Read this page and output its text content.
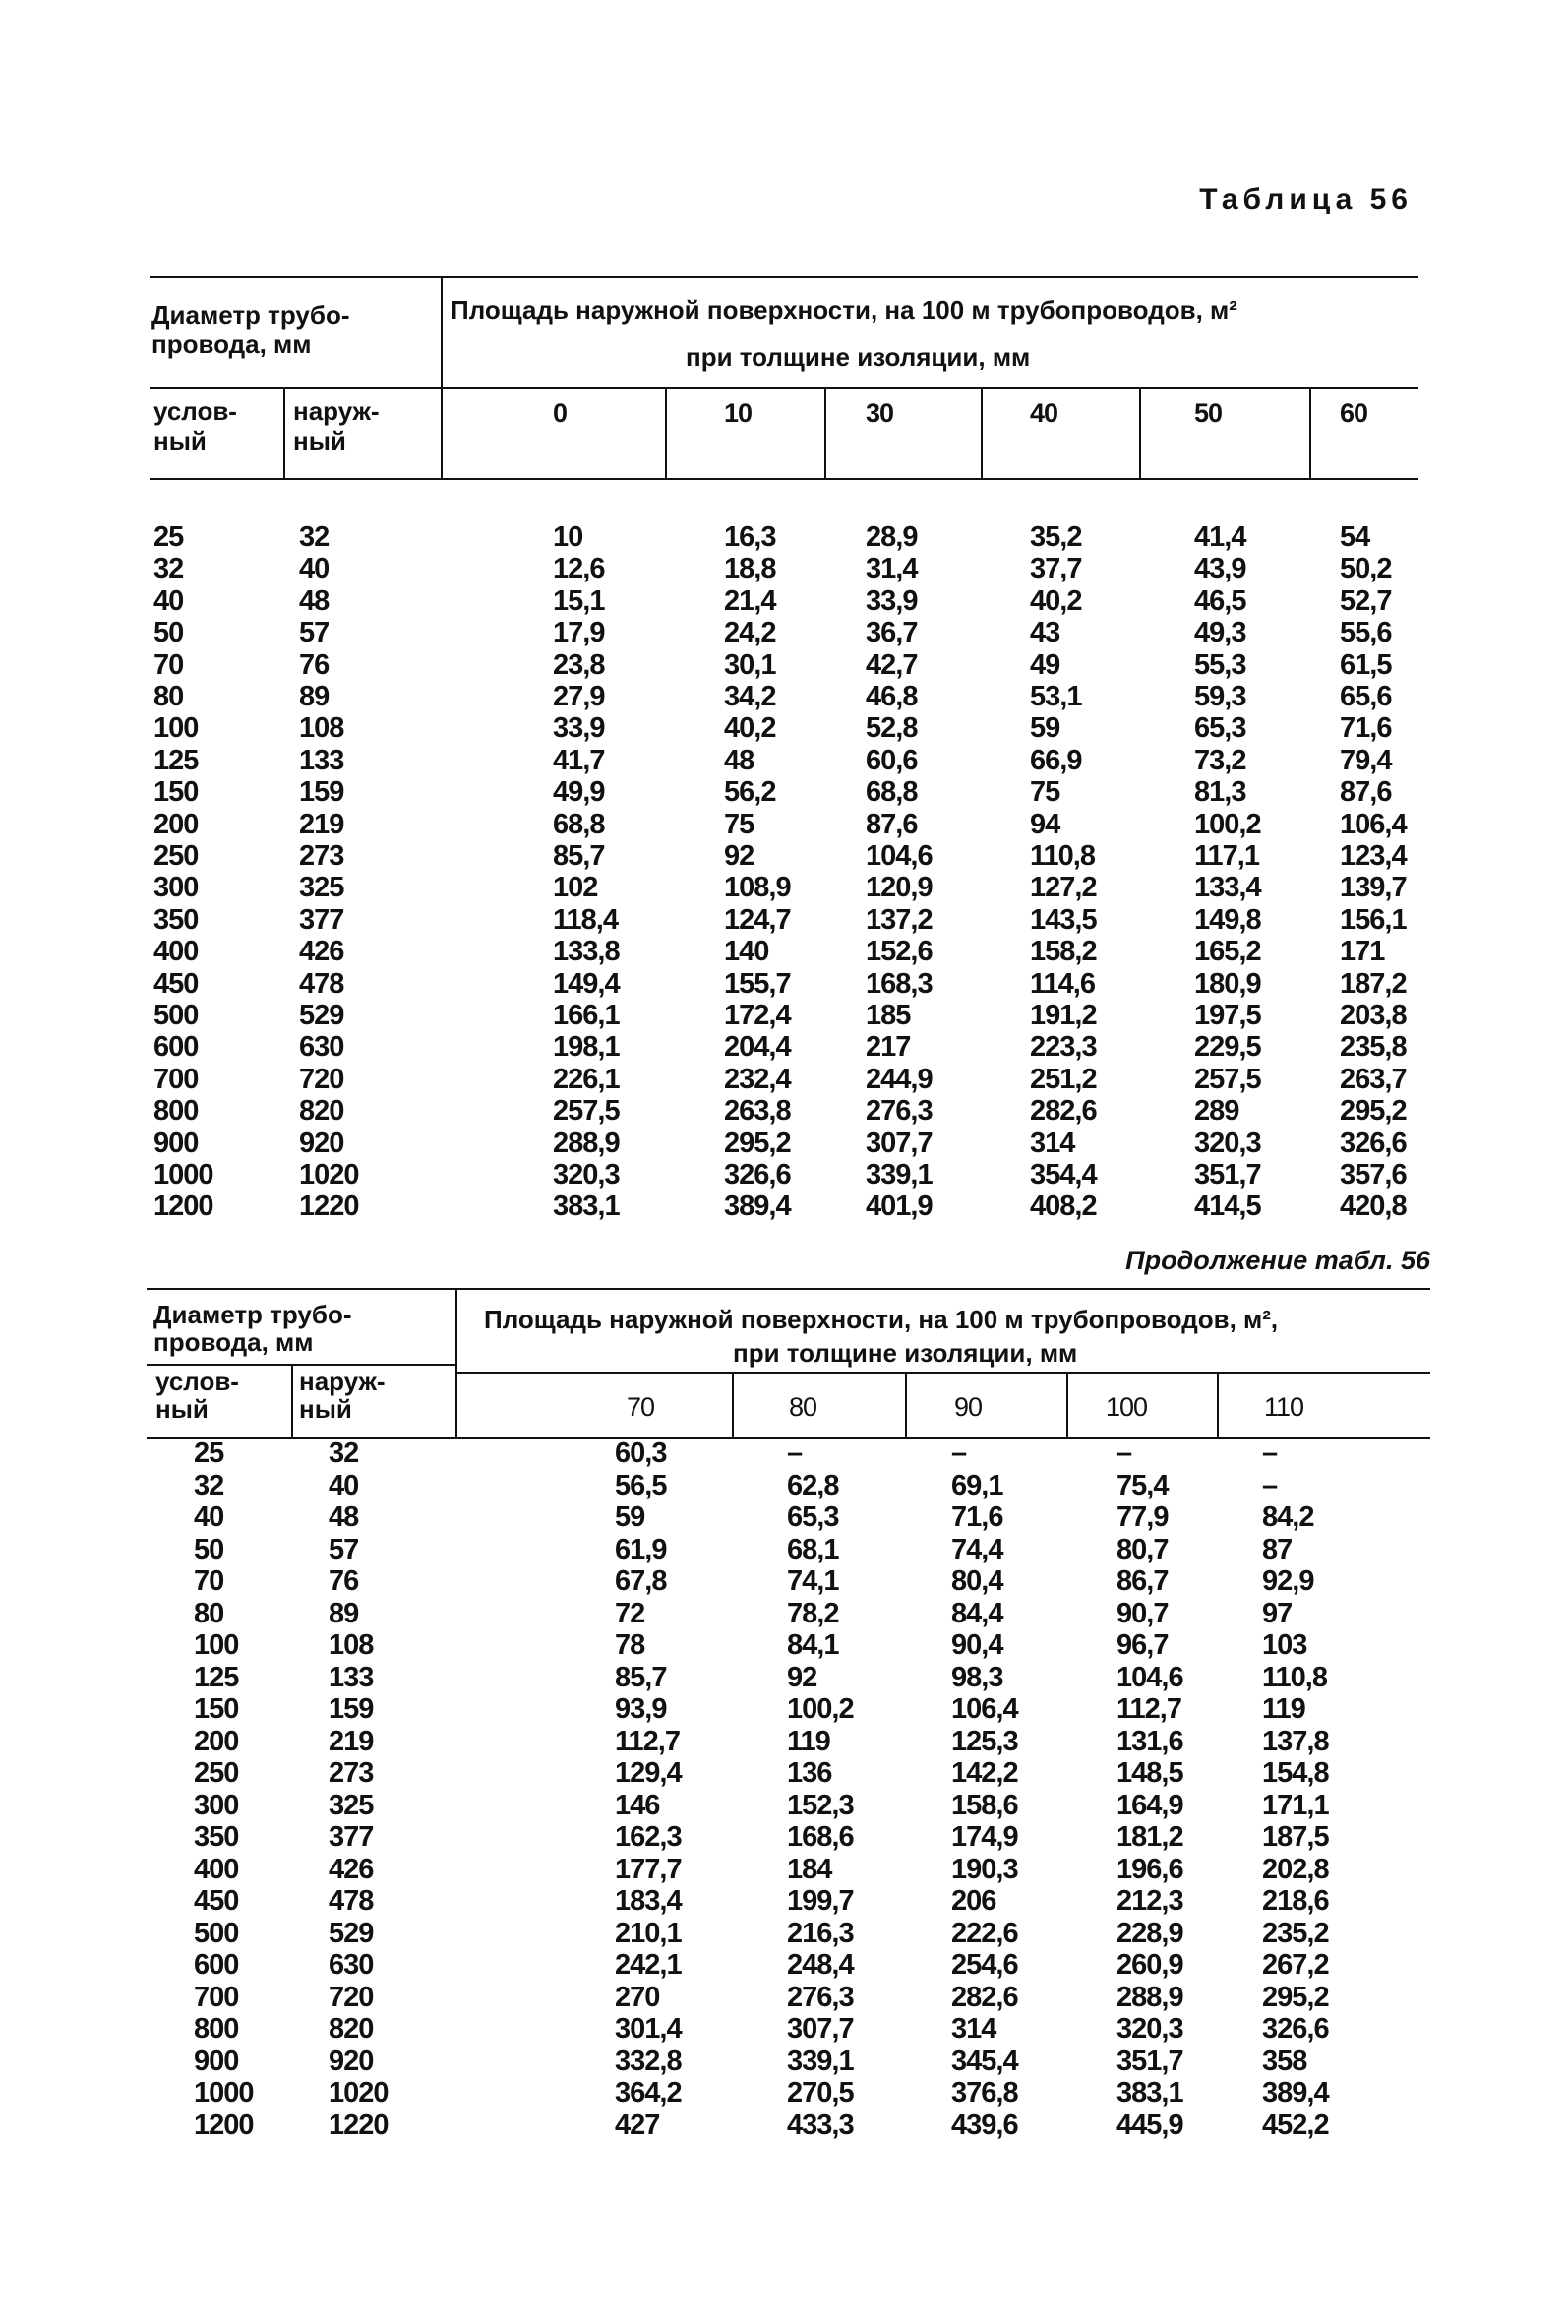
Таблица 56
Диаметр трубо-
провода, мм
Площадь наружной поверхности, на 100 м трубопроводов, м²
при толщине изоляции, мм
услов-
ный
наруж-
ный
0	10	30	40	50	60
25	32	10	16,3	28,9	35,2	41,4	54
32	40	12,6	18,8	31,4	37,7	43,9	50,2
40	48	15,1	21,4	33,9	40,2	46,5	52,7
50	57	17,9	24,2	36,7	43	49,3	55,6
70	76	23,8	30,1	42,7	49	55,3	61,5
80	89	27,9	34,2	46,8	53,1	59,3	65,6
100	108	33,9	40,2	52,8	59	65,3	71,6
125	133	41,7	48	60,6	66,9	73,2	79,4
150	159	49,9	56,2	68,8	75	81,3	87,6
200	219	68,8	75	87,6	94	100,2	106,4
250	273	85,7	92	104,6	110,8	117,1	123,4
300	325	102	108,9	120,9	127,2	133,4	139,7
350	377	118,4	124,7	137,2	143,5	149,8	156,1
400	426	133,8	140	152,6	158,2	165,2	171
450	478	149,4	155,7	168,3	114,6	180,9	187,2
500	529	166,1	172,4	185	191,2	197,5	203,8
600	630	198,1	204,4	217	223,3	229,5	235,8
700	720	226,1	232,4	244,9	251,2	257,5	263,7
800	820	257,5	263,8	276,3	282,6	289	295,2
900	920	288,9	295,2	307,7	314	320,3	326,6
1000	1020	320,3	326,6	339,1	354,4	351,7	357,6
1200	1220	383,1	389,4	401,9	408,2	414,5	420,8
Продолжение табл. 56
Диаметр трубо-
провода, мм
Площадь наружной поверхности, на 100 м трубопроводов, м²,
при толщине изоляции, мм
услов-
ный
наруж-
ный	70	80	90	100	110
25	32	60,3	–	–	–	–
32	40	56,5	62,8	69,1	75,4	–
40	48	59	65,3	71,6	77,9	84,2
50	57	61,9	68,1	74,4	80,7	87
70	76	67,8	74,1	80,4	86,7	92,9
80	89	72	78,2	84,4	90,7	97
100	108	78	84,1	90,4	96,7	103
125	133	85,7	92	98,3	104,6	110,8
150	159	93,9	100,2	106,4	112,7	119
200	219	112,7	119	125,3	131,6	137,8
250	273	129,4	136	142,2	148,5	154,8
300	325	146	152,3	158,6	164,9	171,1
350	377	162,3	168,6	174,9	181,2	187,5
400	426	177,7	184	190,3	196,6	202,8
450	478	183,4	199,7	206	212,3	218,6
500	529	210,1	216,3	222,6	228,9	235,2
600	630	242,1	248,4	254,6	260,9	267,2
700	720	270	276,3	282,6	288,9	295,2
800	820	301,4	307,7	314	320,3	326,6
900	920	332,8	339,1	345,4	351,7	358
1000	1020	364,2	270,5	376,8	383,1	389,4
1200	1220	427	433,3	439,6	445,9	452,2
